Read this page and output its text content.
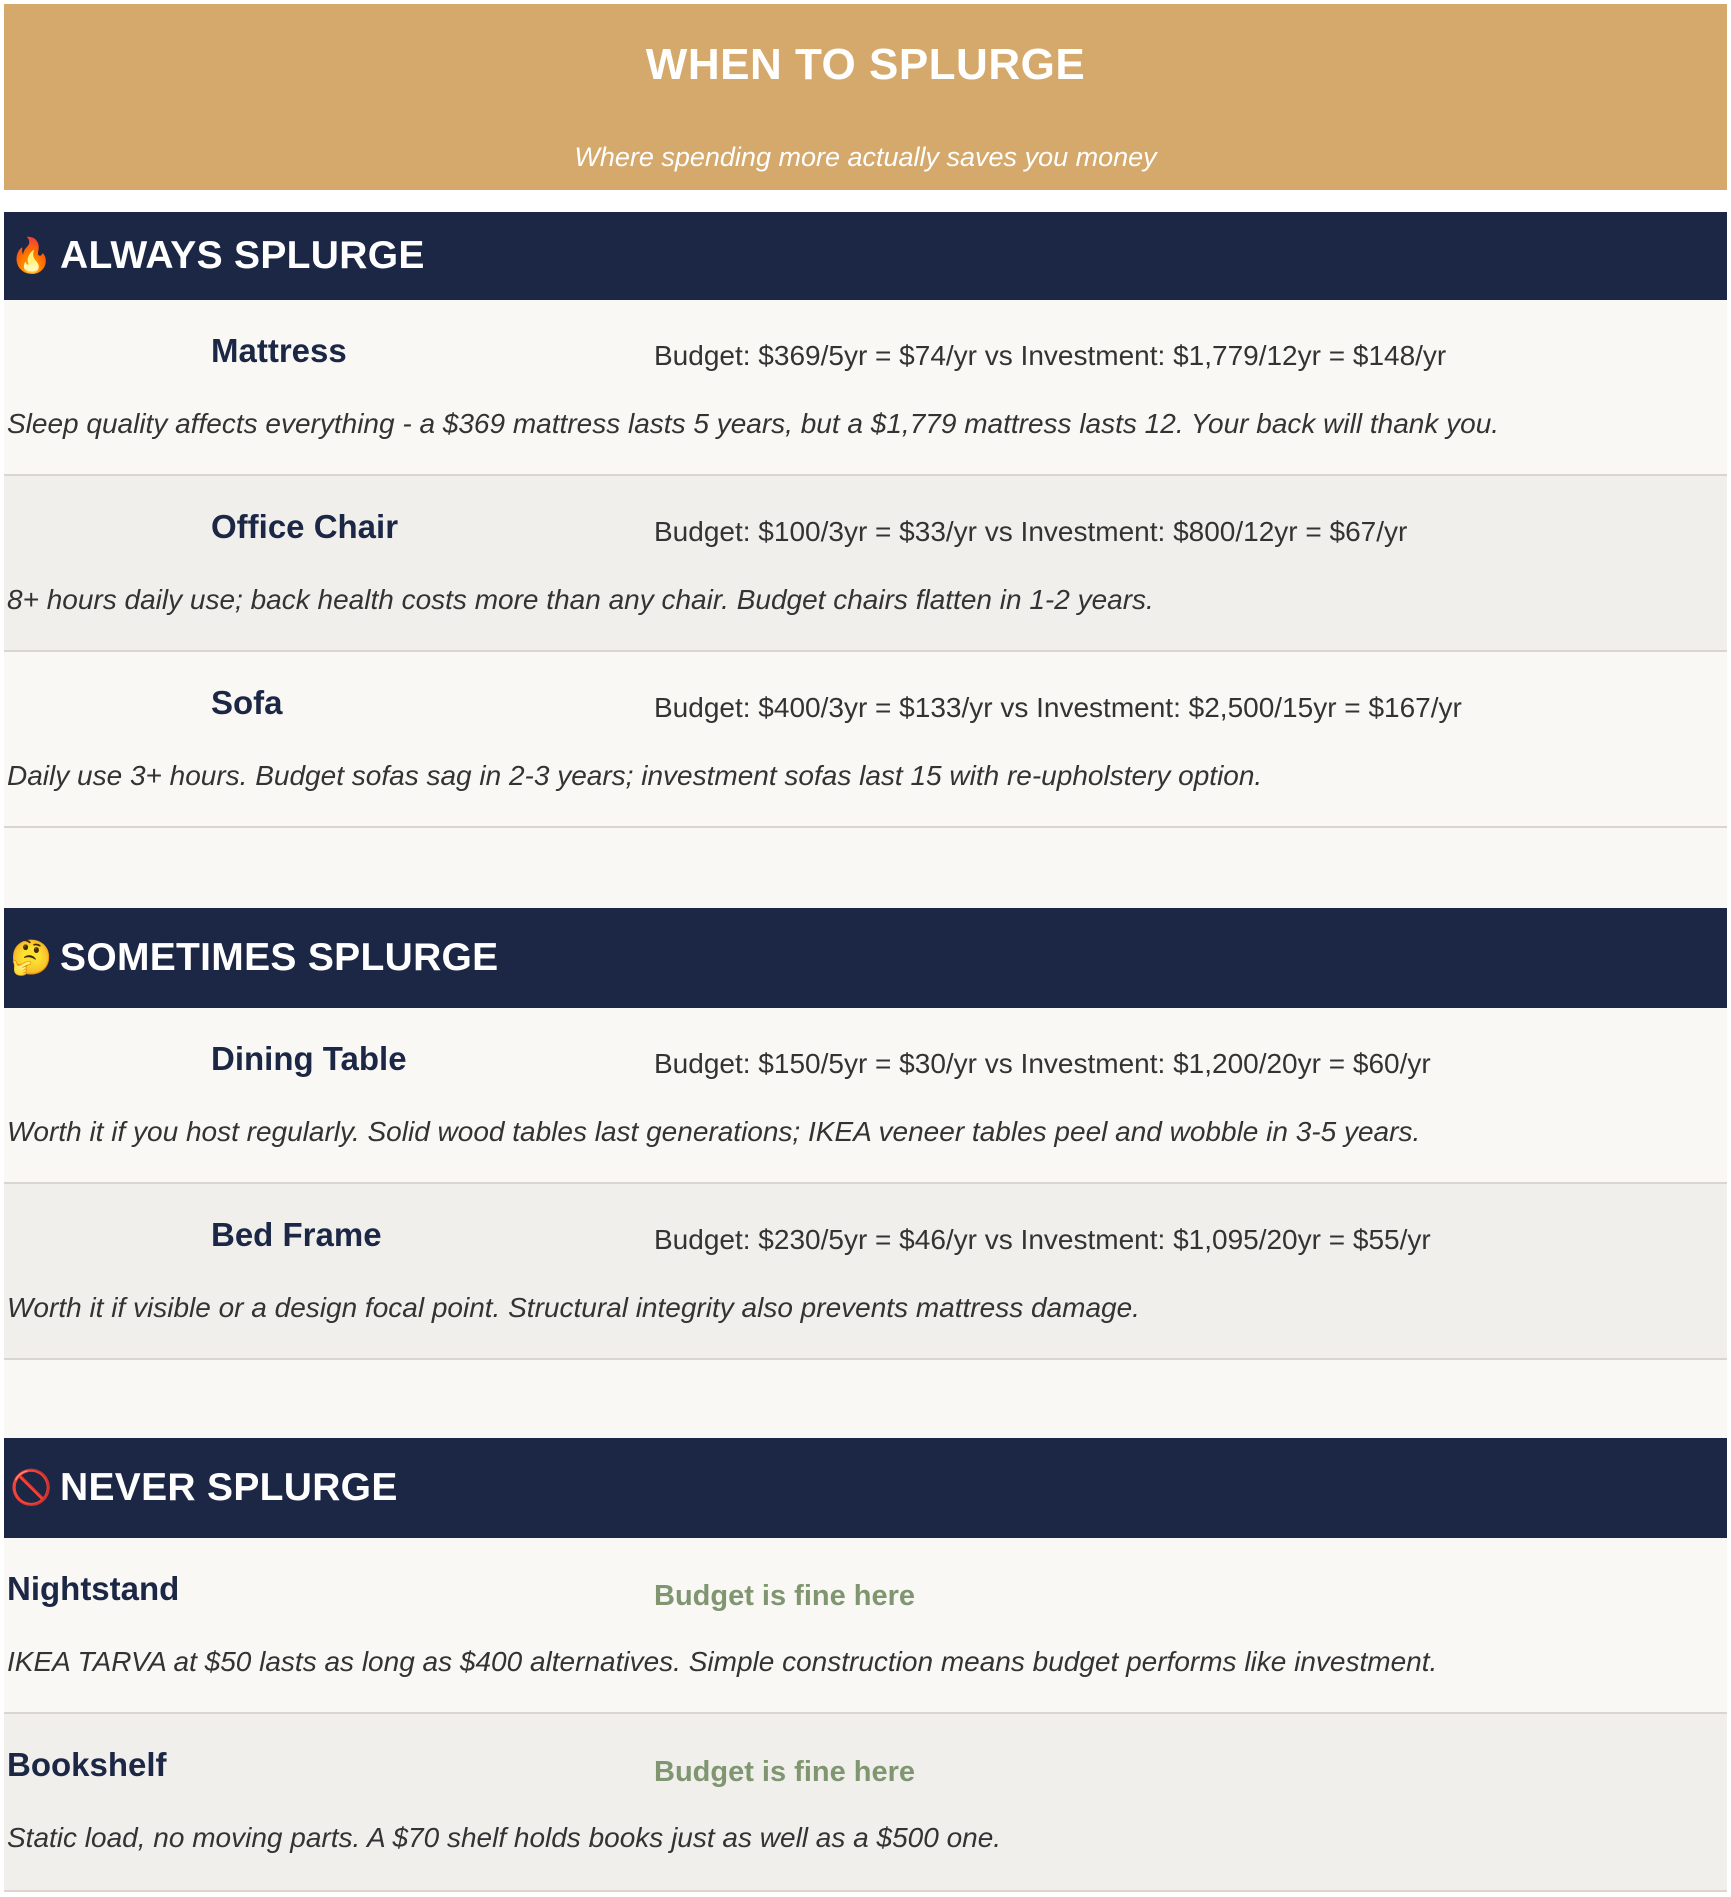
WHEN TO SPLURGE
Where spending more actually saves you money
🔥 ALWAYS SPLURGE
Mattress	Budget: $369/5yr = $74/yr vs Investment: $1,779/12yr = $148/yr
Sleep quality affects everything - a $369 mattress lasts 5 years, but a $1,779 mattress lasts 12. Your back will thank you.
Office Chair	Budget: $100/3yr = $33/yr vs Investment: $800/12yr = $67/yr
8+ hours daily use; back health costs more than any chair. Budget chairs flatten in 1-2 years.
Sofa	Budget: $400/3yr = $133/yr vs Investment: $2,500/15yr = $167/yr
Daily use 3+ hours. Budget sofas sag in 2-3 years; investment sofas last 15 with re-upholstery option.
🤔 SOMETIMES SPLURGE
Dining Table	Budget: $150/5yr = $30/yr vs Investment: $1,200/20yr = $60/yr
Worth it if you host regularly. Solid wood tables last generations; IKEA veneer tables peel and wobble in 3-5 years.
Bed Frame	Budget: $230/5yr = $46/yr vs Investment: $1,095/20yr = $55/yr
Worth it if visible or a design focal point. Structural integrity also prevents mattress damage.
🚫 NEVER SPLURGE
Nightstand	Budget is fine here
IKEA TARVA at $50 lasts as long as $400 alternatives. Simple construction means budget performs like investment.
Bookshelf	Budget is fine here
Static load, no moving parts. A $70 shelf holds books just as well as a $500 one.
